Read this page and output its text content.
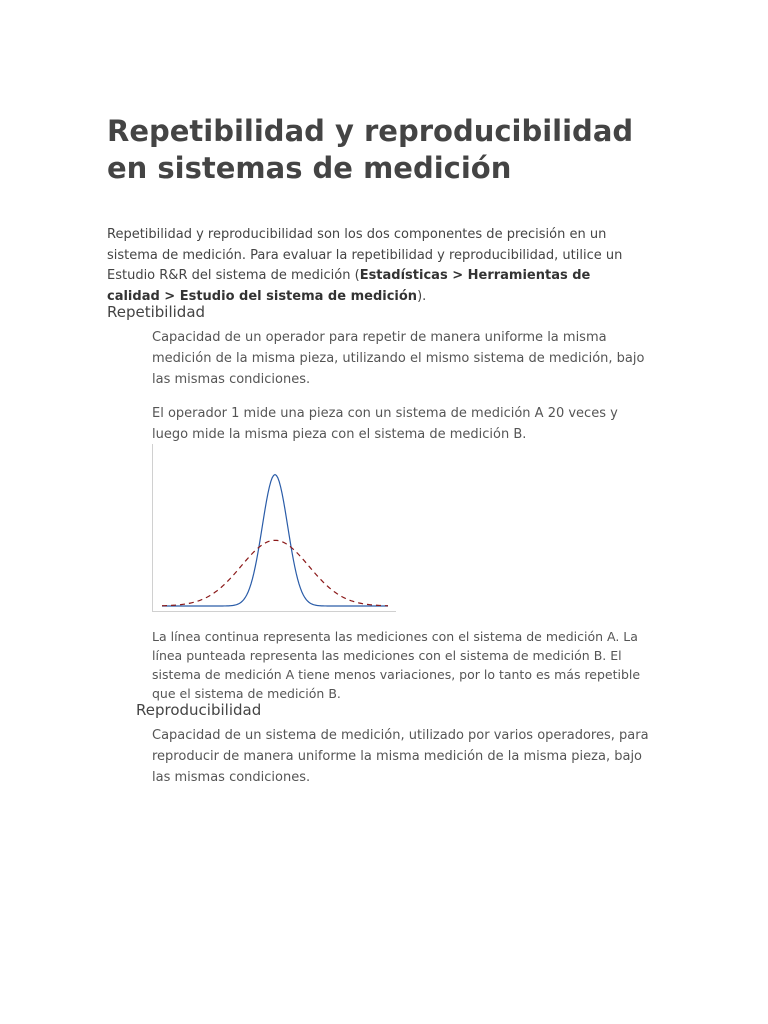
Repetibilidad y reproducibilidad en sistemas de medición

Repetibilidad y reproducibilidad son los dos componentes de precisión en un sistema de medición. Para evaluar la repetibilidad y reproducibilidad, utilice un Estudio R&R del sistema de medición (Estadísticas > Herramientas de calidad > Estudio del sistema de medición).

Repetibilidad

Capacidad de un operador para repetir de manera uniforme la misma medición de la misma pieza, utilizando el mismo sistema de medición, bajo las mismas condiciones.

El operador 1 mide una pieza con un sistema de medición A 20 veces y luego mide la misma pieza con el sistema de medición B.

La línea continua representa las mediciones con el sistema de medición A. La línea punteada representa las mediciones con el sistema de medición B. El sistema de medición A tiene menos variaciones, por lo tanto es más repetible que el sistema de medición B.

Reproducibilidad

Capacidad de un sistema de medición, utilizado por varios operadores, para reproducir de manera uniforme la misma medición de la misma pieza, bajo las mismas condiciones.
